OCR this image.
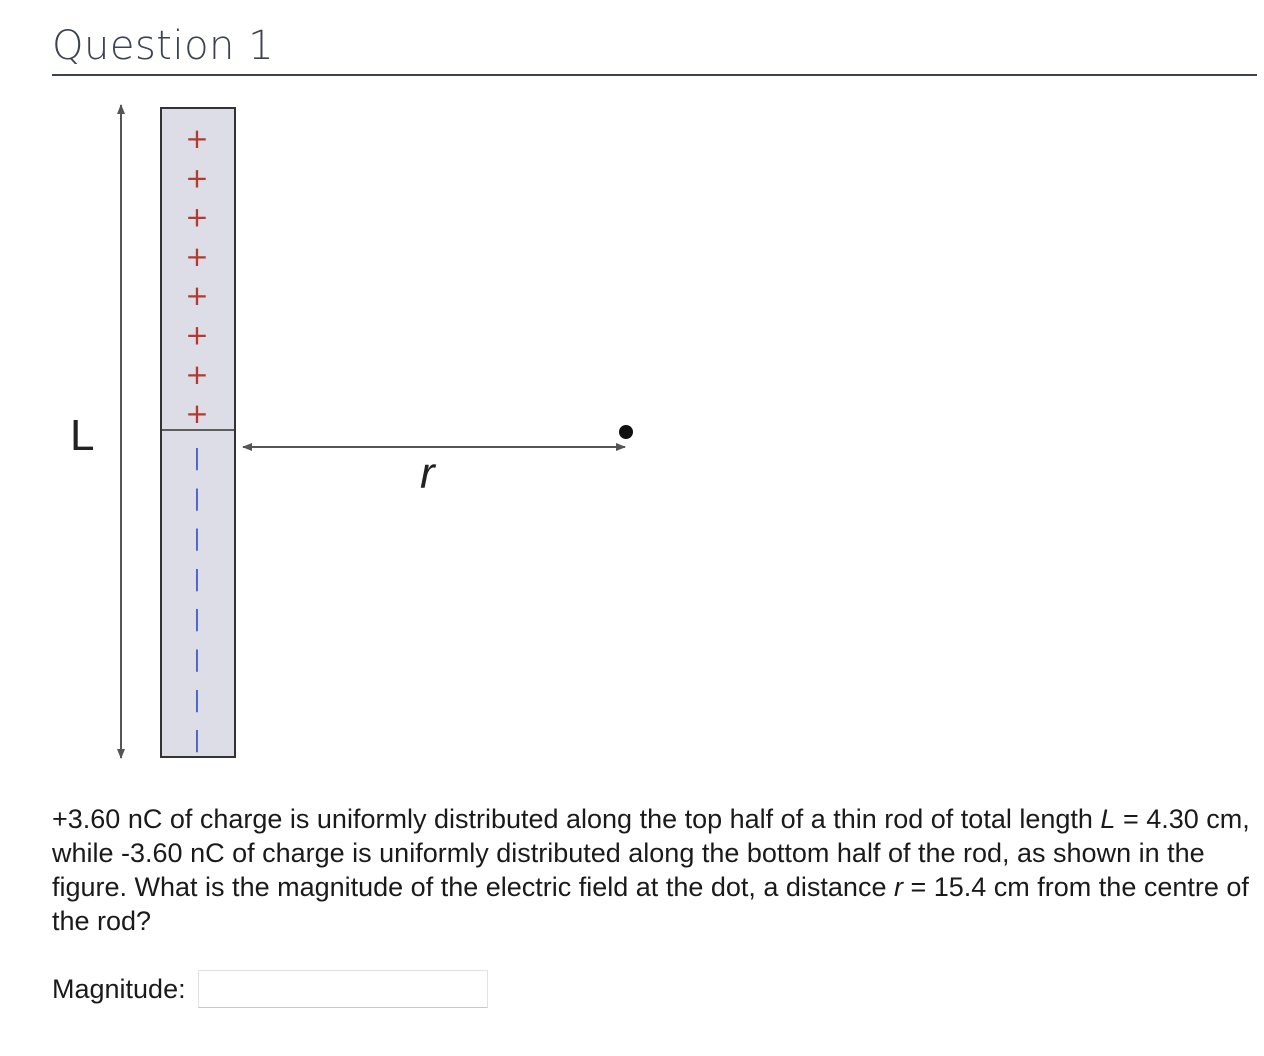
Question 1
L
+
+
+
+
+
+
+
+
|
|
|
|
|
|
|
|
r

+3.60 nC of charge is uniformly distributed along the top half of a thin rod of total length L = 4.30 cm, while -3.60 nC of charge is uniformly distributed along the bottom half of the rod, as shown in the figure. What is the magnitude of the electric field at the dot, a distance r = 15.4 cm from the centre of the rod?

Magnitude:
